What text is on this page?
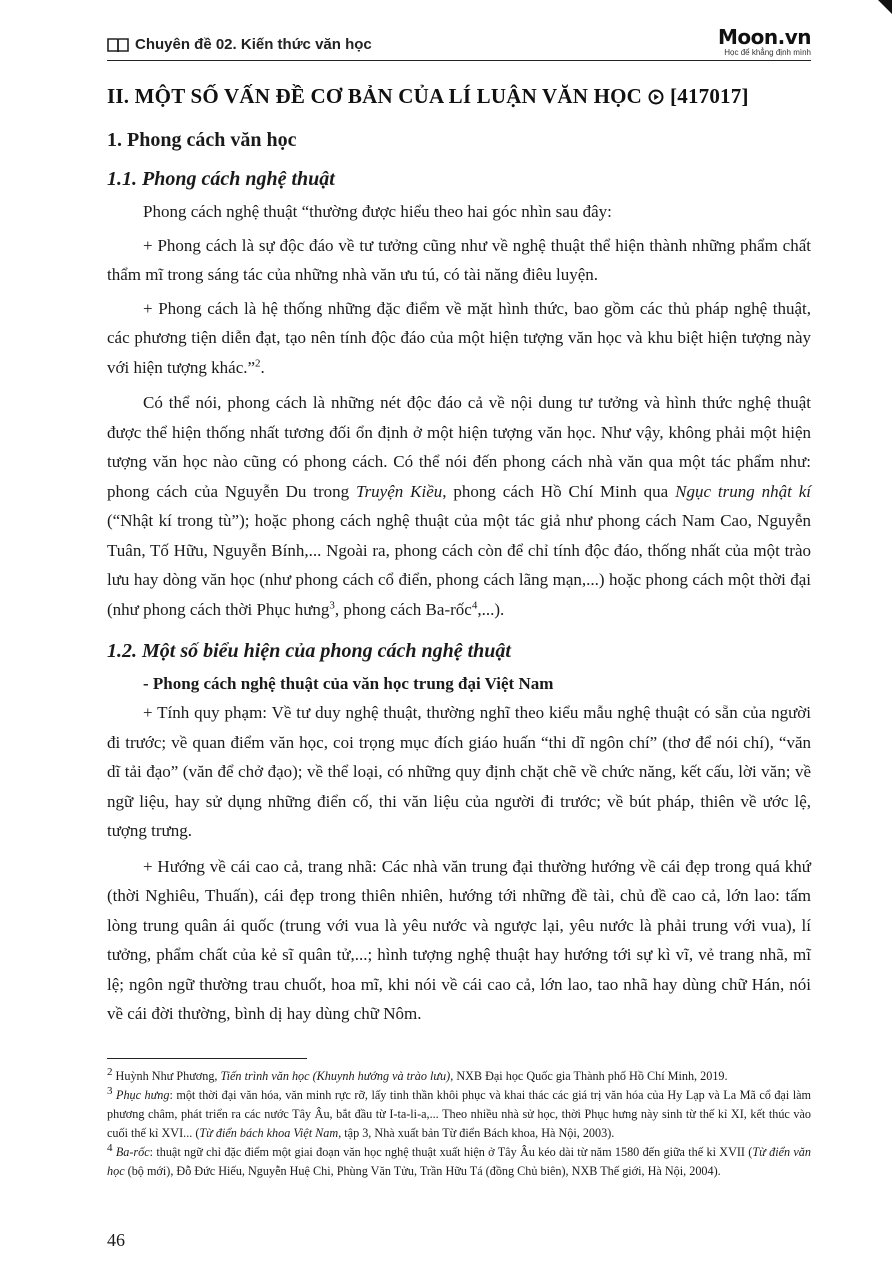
Chuyên đề 02. Kiến thức văn học	Moon.vn
Học để khẳng định mình
II. MỘT SỐ VẤN ĐỀ CƠ BẢN CỦA LÍ LUẬN VĂN HỌC [417017]
1. Phong cách văn học
1.1. Phong cách nghệ thuật

Phong cách nghệ thuật “thường được hiểu theo hai góc nhìn sau đây:

+ Phong cách là sự độc đáo về tư tưởng cũng như về nghệ thuật thể hiện thành những phẩm chất thẩm mĩ trong sáng tác của những nhà văn ưu tú, có tài năng điêu luyện.

+ Phong cách là hệ thống những đặc điểm về mặt hình thức, bao gồm các thủ pháp nghệ thuật, các phương tiện diễn đạt, tạo nên tính độc đáo của một hiện tượng văn học và khu biệt hiện tượng này với hiện tượng khác.”$^2$.

Có thể nói, phong cách là những nét độc đáo cả về nội dung tư tưởng và hình thức nghệ thuật được thể hiện thống nhất tương đối ổn định ở một hiện tượng văn học. Như vậy, không phải một hiện tượng văn học nào cũng có phong cách. Có thể nói đến phong cách nhà văn qua một tác phẩm như: phong cách của Nguyễn Du trong Truyện Kiều, phong cách Hồ Chí Minh qua Ngục trung nhật kí (“Nhật kí trong tù”); hoặc phong cách nghệ thuật của một tác giả như phong cách Nam Cao, Nguyễn Tuân, Tố Hữu, Nguyễn Bính,... Ngoài ra, phong cách còn để chỉ tính độc đáo, thống nhất của một trào lưu hay dòng văn học (như phong cách cổ điển, phong cách lãng mạn,...) hoặc phong cách một thời đại (như phong cách thời Phục hưng$^3$, phong cách Ba-rốc$^4$,...).

1.2. Một số biểu hiện của phong cách nghệ thuật
- Phong cách nghệ thuật của văn học trung đại Việt Nam

+ Tính quy phạm: Về tư duy nghệ thuật, thường nghĩ theo kiểu mẫu nghệ thuật có sẵn của người đi trước; về quan điểm văn học, coi trọng mục đích giáo huấn “thi dĩ ngôn chí” (thơ để nói chí), “văn dĩ tải đạo” (văn để chở đạo); về thể loại, có những quy định chặt chẽ về chức năng, kết cấu, lời văn; về ngữ liệu, hay sử dụng những điển cố, thi văn liệu của người đi trước; về bút pháp, thiên về ước lệ, tượng trưng.

+ Hướng về cái cao cả, trang nhã: Các nhà văn trung đại thường hướng về cái đẹp trong quá khứ (thời Nghiêu, Thuấn), cái đẹp trong thiên nhiên, hướng tới những đề tài, chủ đề cao cả, lớn lao: tấm lòng trung quân ái quốc (trung với vua là yêu nước và ngược lại, yêu nước là phải trung với vua), lí tưởng, phẩm chất của kẻ sĩ quân tử,...; hình tượng nghệ thuật hay hướng tới sự kì vĩ, vẻ trang nhã, mĩ lệ; ngôn ngữ thường trau chuốt, hoa mĩ, khi nói về cái cao cả, lớn lao, tao nhã hay dùng chữ Hán, nói về cái đời thường, bình dị hay dùng chữ Nôm.

$^2$ Huỳnh Như Phương, Tiến trình văn học (Khuynh hướng và trào lưu), NXB Đại học Quốc gia Thành phố Hồ Chí Minh, 2019.

$^3$ Phục hưng: một thời đại văn hóa, văn minh rực rỡ, lấy tinh thần khôi phục và khai thác các giá trị văn hóa của Hy Lạp và La Mã cổ đại làm phương châm, phát triển ra các nước Tây Âu, bắt đầu từ I-ta-li-a,... Theo nhiều nhà sử học, thời Phục hưng này sinh từ thế kỉ XI, kết thúc vào cuối thế kỉ XVI... (Từ điển bách khoa Việt Nam, tập 3, Nhà xuất bản Từ điển Bách khoa, Hà Nội, 2003).

$^4$ Ba-rốc: thuật ngữ chỉ đặc điểm một giai đoạn văn học nghệ thuật xuất hiện ở Tây Âu kéo dài từ năm 1580 đến giữa thế kỉ XVII (Từ điển văn học (bộ mới), Đỗ Đức Hiếu, Nguyễn Huệ Chi, Phùng Văn Tửu, Trần Hữu Tá (đồng Chủ biên), NXB Thế giới, Hà Nội, 2004).

46
